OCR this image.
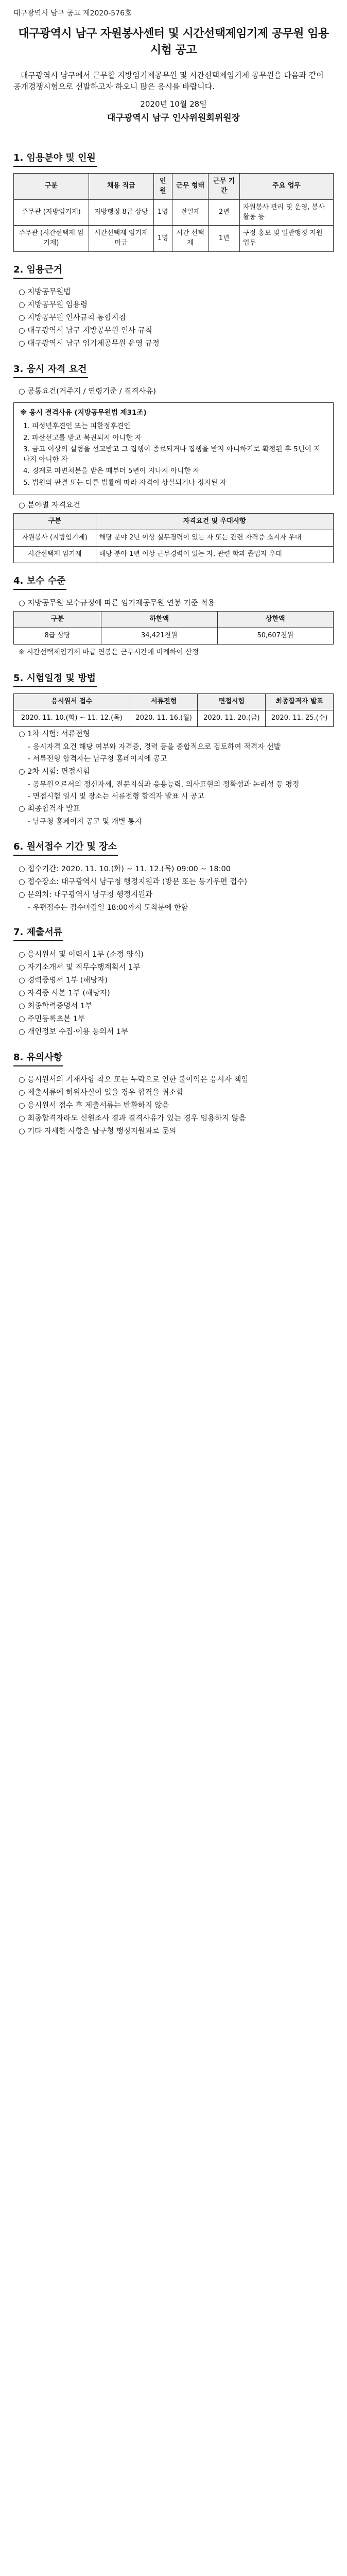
대구광역시 남구 공고 제2020-576호
대구광역시 남구 자원봉사센터 및 시간선택제임기제 공무원 임용시험 공고

대구광역시 남구에서 근무할 지방임기제공무원 및 시간선택제임기제 공무원을 다음과 같이 공개경쟁시험으로 선발하고자 하오니 많은 응시를 바랍니다.

2020년 10월 28일
대구광역시 남구 인사위원회위원장
1. 임용분야 및 인원
구분	채용 직급	인원	근무 형태	근무 기간	주요 업무
주무관 (지방임기제)	지방행정 8급 상당	1명	전일제	2년	자원봉사 관리 및 운영, 봉사활동 등
주무관 (시간선택제 임기제)	시간선택제 임기제 마급	1명	시간 선택제	1년	구정 홍보 및 일반행정 지원 업무
2. 임용근거
○ 지방공무원법
○ 지방공무원 임용령
○ 지방공무원 인사규칙 통합지침
○ 대구광역시 남구 지방공무원 인사 규칙
○ 대구광역시 남구 임기제공무원 운영 규정
3. 응시 자격 요건
○ 공통요건(거주지 / 연령기준 / 결격사유)
※ 응시 결격사유 (지방공무원법 제31조)
1. 피성년후견인 또는 피한정후견인
2. 파산선고를 받고 복권되지 아니한 자
3. 금고 이상의 실형을 선고받고 그 집행이 종료되거나 집행을 받지 아니하기로 확정된 후 5년이 지나지 아니한 자
4. 징계로 파면처분을 받은 때부터 5년이 지나지 아니한 자
5. 법원의 판결 또는 다른 법률에 따라 자격이 상실되거나 정지된 자
○ 분야별 자격요건
구분	자격요건 및 우대사항
자원봉사 (지방임기제)	해당 분야 2년 이상 실무경력이 있는 자 또는 관련 자격증 소지자 우대
시간선택제 임기제	해당 분야 1년 이상 근무경력이 있는 자, 관련 학과 졸업자 우대
4. 보수 수준
○ 지방공무원 보수규정에 따른 임기제공무원 연봉 기준 적용
구분	하한액	상한액
8급 상당	34,421천원	50,607천원
※ 시간선택제임기제 마급 연봉은 근무시간에 비례하여 산정
5. 시험일정 및 방법
응시원서 접수	서류전형	면접시험	최종합격자 발표
2020. 11. 10.(화) ~ 11. 12.(목)	2020. 11. 16.(월)	2020. 11. 20.(금)	2020. 11. 25.(수)
○ 1차 시험: 서류전형
- 응시자격 요건 해당 여부와 자격증, 경력 등을 종합적으로 검토하여 적격자 선발
- 서류전형 합격자는 남구청 홈페이지에 공고
○ 2차 시험: 면접시험
- 공무원으로서의 정신자세, 전문지식과 응용능력, 의사표현의 정확성과 논리성 등 평정
- 면접시험 일시 및 장소는 서류전형 합격자 발표 시 공고
○ 최종합격자 발표
- 남구청 홈페이지 공고 및 개별 통지
6. 원서접수 기간 및 장소
○ 접수기간: 2020. 11. 10.(화) ~ 11. 12.(목) 09:00 ~ 18:00
○ 접수장소: 대구광역시 남구청 행정지원과 (방문 또는 등기우편 접수)
○ 문의처: 대구광역시 남구청 행정지원과
- 우편접수는 접수마감일 18:00까지 도착분에 한함
7. 제출서류
○ 응시원서 및 이력서 1부 (소정 양식)
○ 자기소개서 및 직무수행계획서 1부
○ 경력증명서 1부 (해당자)
○ 자격증 사본 1부 (해당자)
○ 최종학력증명서 1부
○ 주민등록초본 1부
○ 개인정보 수집·이용 동의서 1부
8. 유의사항
○ 응시원서의 기재사항 착오 또는 누락으로 인한 불이익은 응시자 책임
○ 제출서류에 허위사실이 있을 경우 합격을 취소함
○ 응시원서 접수 후 제출서류는 반환하지 않음
○ 최종합격자라도 신원조사 결과 결격사유가 있는 경우 임용하지 않음
○ 기타 자세한 사항은 남구청 행정지원과로 문의
